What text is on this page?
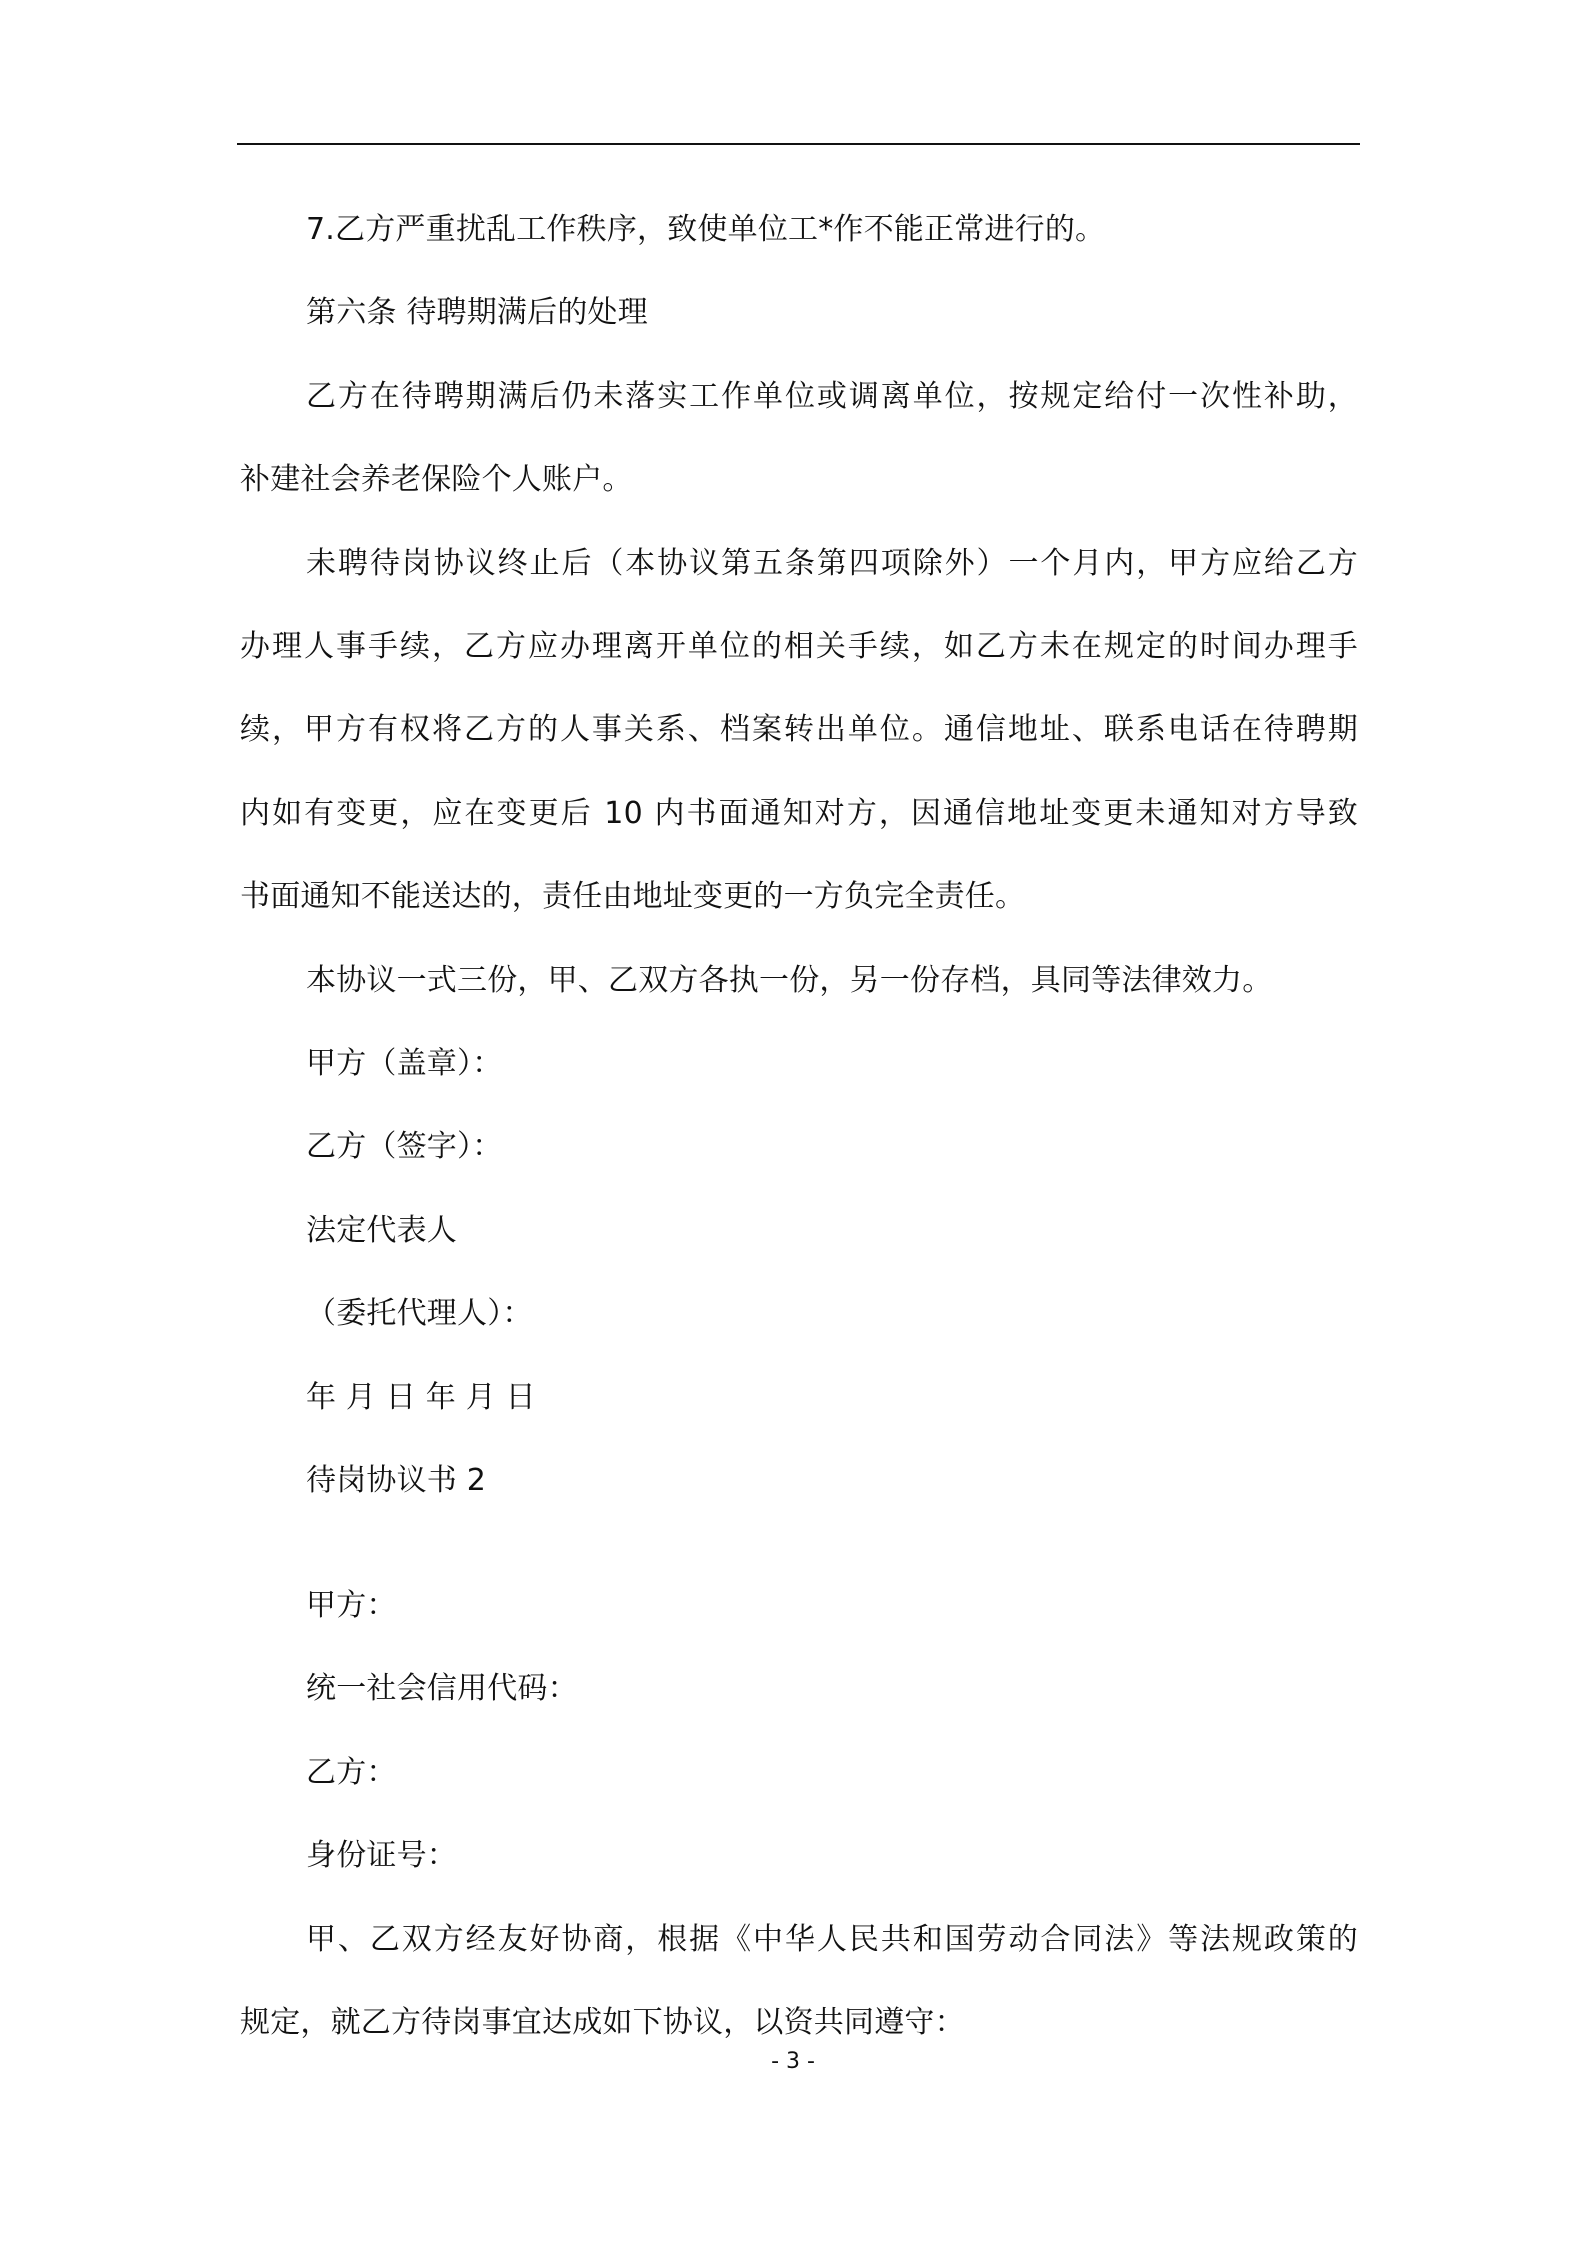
7.乙方严重扰乱工作秩序，致使单位工*作不能正常进行的。
第六条 待聘期满后的处理
乙方在待聘期满后仍未落实工作单位或调离单位，按规定给付一次性补助，
补建社会养老保险个人账户。
未聘待岗协议终止后（本协议第五条第四项除外）一个月内，甲方应给乙方
办理人事手续，乙方应办理离开单位的相关手续，如乙方未在规定的时间办理手
续，甲方有权将乙方的人事关系、档案转出单位。通信地址、联系电话在待聘期
内如有变更，应在变更后 10 内书面通知对方，因通信地址变更未通知对方导致
书面通知不能送达的，责任由地址变更的一方负完全责任。
本协议一式三份，甲、乙双方各执一份，另一份存档，具同等法律效力。
甲方（盖章）：
乙方（签字）：
法定代表人
（委托代理人）：
年 月 日 年 月 日
待岗协议书 2
甲方：
统一社会信用代码：
乙方：
身份证号：
甲、乙双方经友好协商，根据《中华人民共和国劳动合同法》等法规政策的
规定，就乙方待岗事宜达成如下协议，以资共同遵守：
- 3 -
